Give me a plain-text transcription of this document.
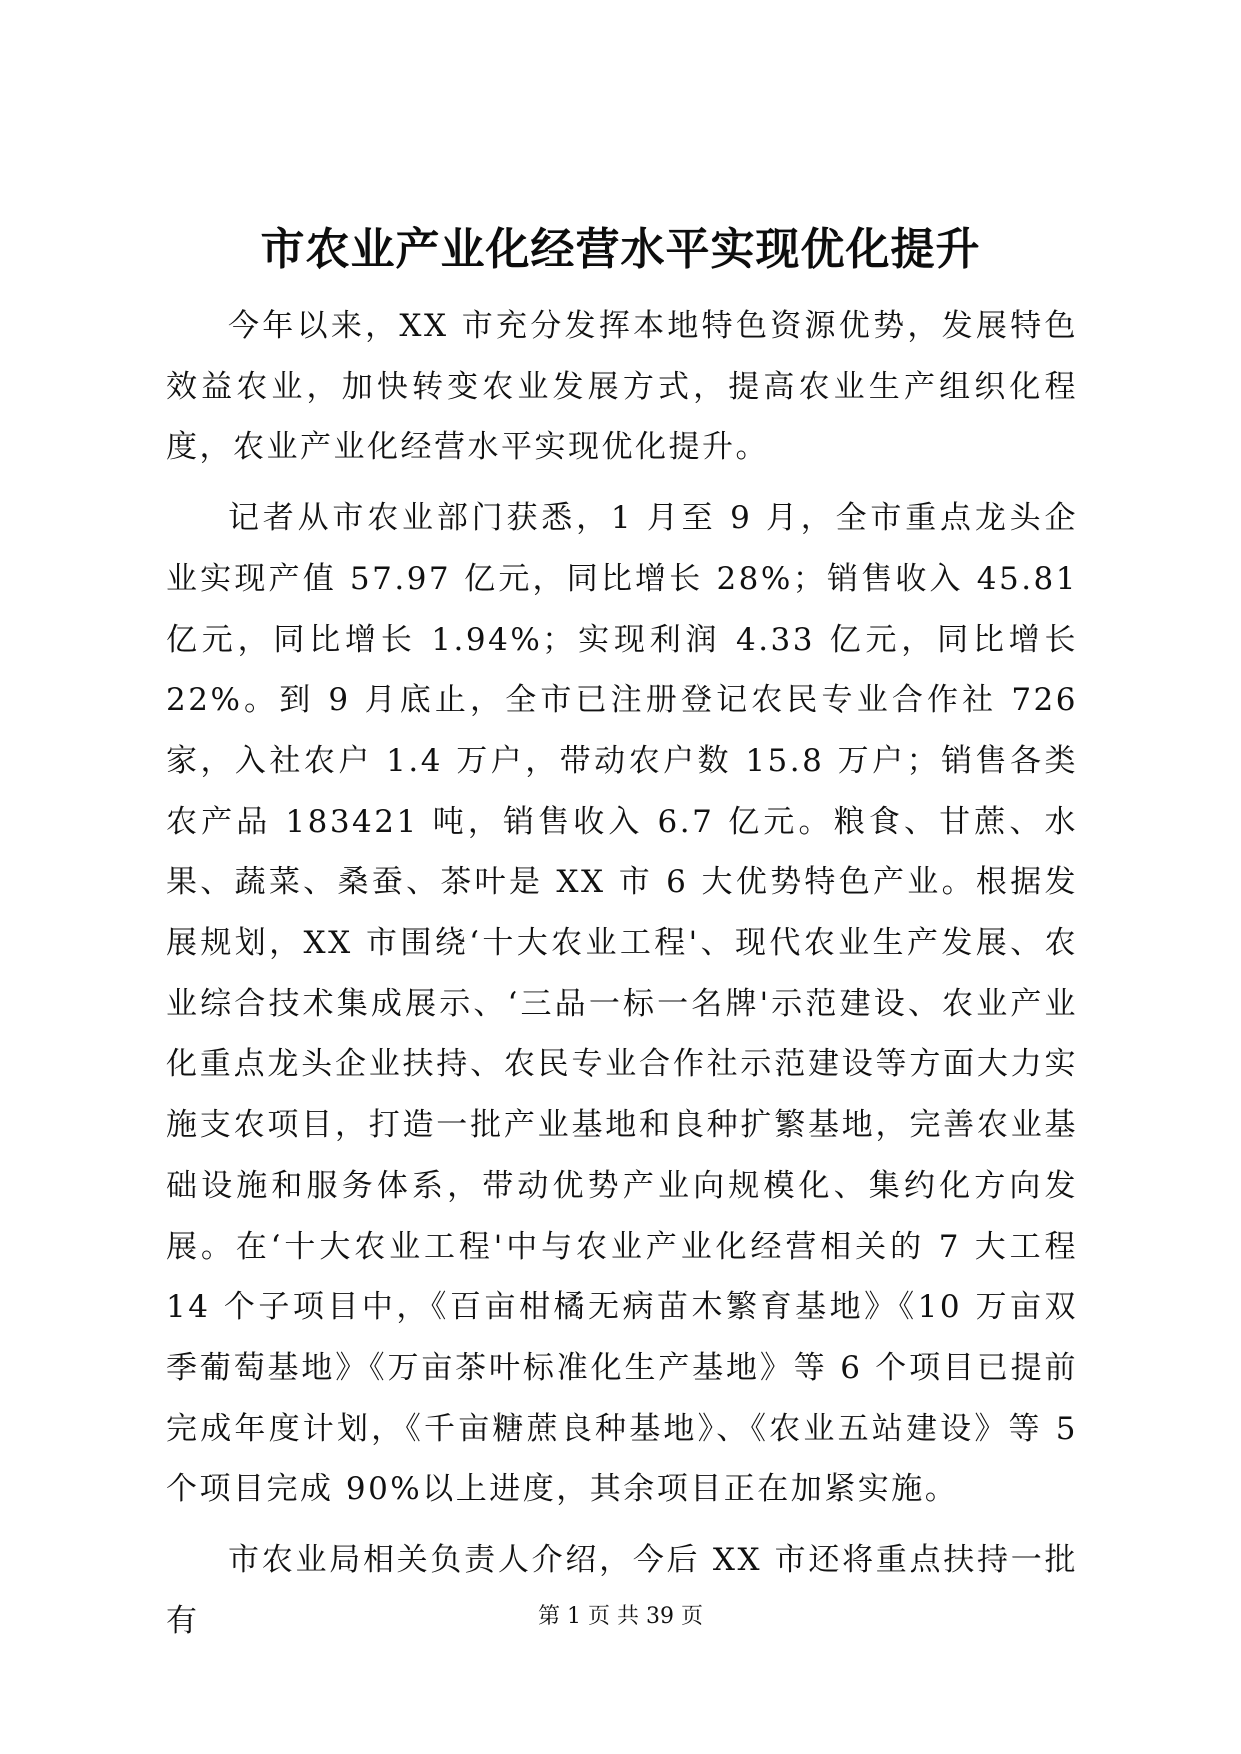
市农业产业化经营水平实现优化提升

今年以来，XX 市充分发挥本地特色资源优势，发展特色效益农业，加快转变农业发展方式，提高农业生产组织化程度，农业产业化经营水平实现优化提升。

记者从市农业部门获悉，1 月至 9 月，全市重点龙头企业实现产值 57.97 亿元，同比增长 28%；销售收入 45.81 亿元，同比增长 1.94%；实现利润 4.33 亿元，同比增长 22%。到 9 月底止，全市已注册登记农民专业合作社 726 家，入社农户 1.4 万户，带动农户数 15.8 万户；销售各类农产品 183421 吨，销售收入 6.7 亿元。粮食、甘蔗、水果、蔬菜、桑蚕、茶叶是 XX 市 6 大优势特色产业。根据发展规划，XX 市围绕‘十大农业工程'、现代农业生产发展、农业综合技术集成展示、‘三品一标一名牌'示范建设、农业产业化重点龙头企业扶持、农民专业合作社示范建设等方面大力实施支农项目，打造一批产业基地和良种扩繁基地，完善农业基础设施和服务体系，带动优势产业向规模化、集约化方向发展。在‘十大农业工程'中与农业产业化经营相关的 7 大工程 14 个子项目中，《百亩柑橘无病苗木繁育基地》《10 万亩双季葡萄基地》《万亩茶叶标准化生产基地》等 6 个项目已提前完成年度计划，《千亩糖蔗良种基地》、《农业五站建设》等 5 个项目完成 90%以上进度，其余项目正在加紧实施。

市农业局相关负责人介绍，今后 XX 市还将重点扶持一批有	第 1 页 共 39 页
